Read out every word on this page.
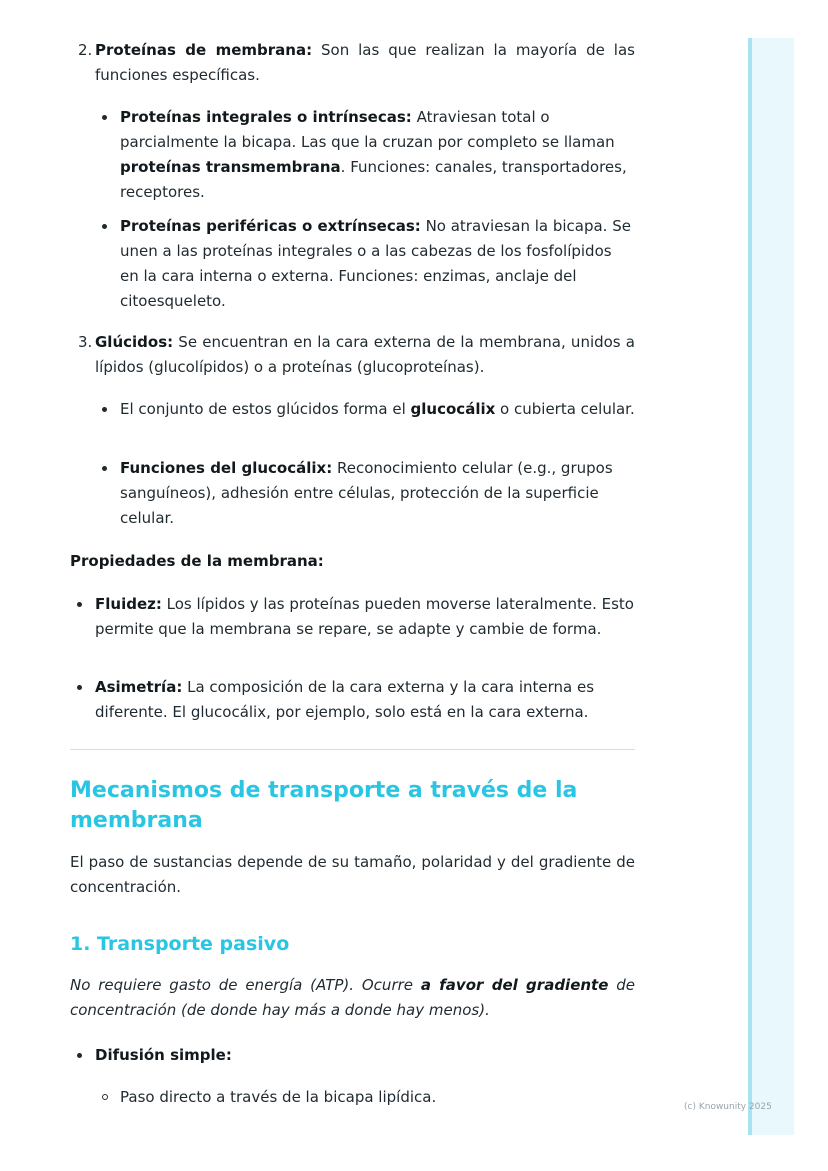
2. Proteínas de membrana: Son las que realizan la mayoría de las funciones específicas.
Proteínas integrales o intrínsecas: Atraviesan total o parcialmente la bicapa. Las que la cruzan por completo se llaman proteínas transmembrana. Funciones: canales, transportadores, receptores.
Proteínas periféricas o extrínsecas: No atraviesan la bicapa. Se unen a las proteínas integrales o a las cabezas de los fosfolípidos en la cara interna o externa. Funciones: enzimas, anclaje del citoesqueleto.
3. Glúcidos: Se encuentran en la cara externa de la membrana, unidos a lípidos (glucolípidos) o a proteínas (glucoproteínas).
El conjunto de estos glúcidos forma el glucocálix o cubierta celular.
Funciones del glucocálix: Reconocimiento celular (e.g., grupos sanguíneos), adhesión entre células, protección de la superficie celular.
Propiedades de la membrana:
Fluidez: Los lípidos y las proteínas pueden moverse lateralmente. Esto permite que la membrana se repare, se adapte y cambie de forma.
Asimetría: La composición de la cara externa y la cara interna es diferente. El glucocálix, por ejemplo, solo está en la cara externa.
Mecanismos de transporte a través de la membrana
El paso de sustancias depende de su tamaño, polaridad y del gradiente de concentración.
1. Transporte pasivo
No requiere gasto de energía (ATP). Ocurre a favor del gradiente de concentración (de donde hay más a donde hay menos).
Difusión simple:
Paso directo a través de la bicapa lipídica.
(c) Knowunity 2025
